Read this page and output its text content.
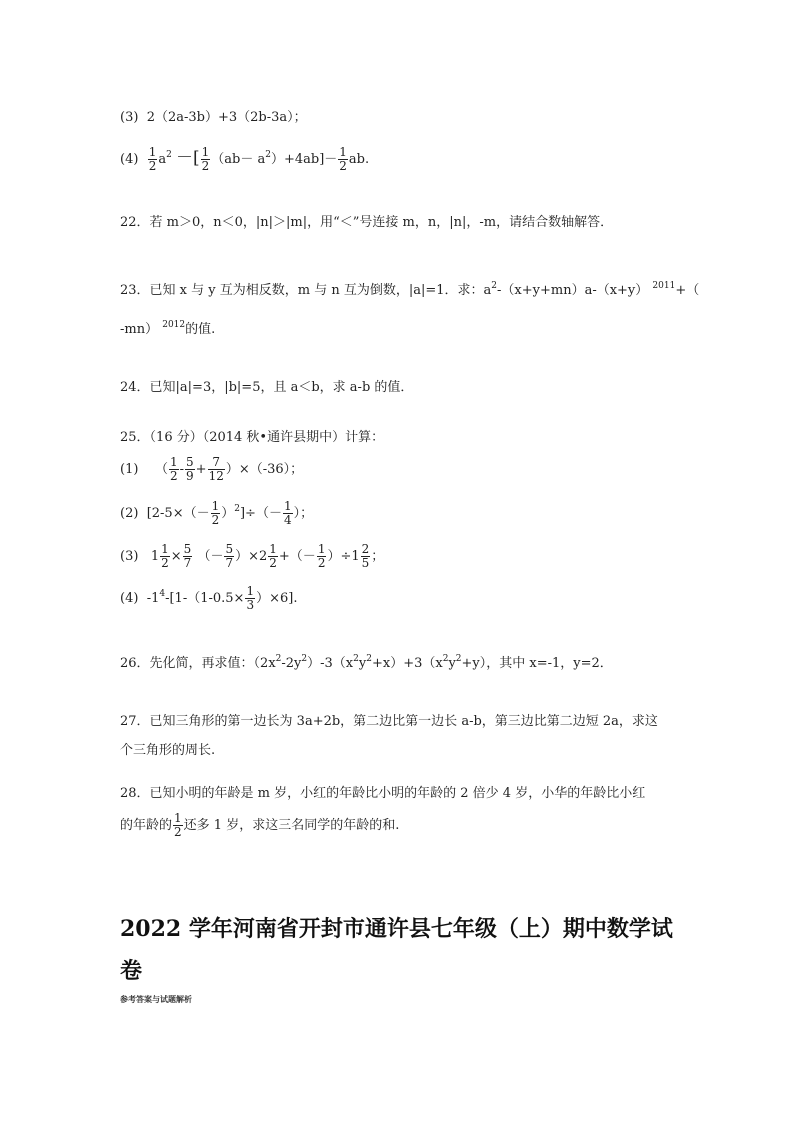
(3) 2（2a-3b）+3（2b-3a）；
$(4) \frac{1}{2} a^2$ －[ $\frac{1}{2} (ab- a^2)+4ab]- \frac{1}{2}$ ab.
22．若 m＞0，n＜0，|n|＞|m|，用“＜”号连接 m，n，|n|，-m，请结合数轴解答．
23．已知 x 与 y 互为相反数，m 与 n 互为倒数，|a|=1．求：$a^2-(x+y+mn)a-(x+y)$ $^{2011}$+（
-mn） $^{2012}$的值.
24．已知|a|=3，|b|=5，且 a＜b，求 a-b 的值．
25．（16 分）（2014 秋•通许县期中）计算：
(1) （ $\frac{1}{2} - \frac{5}{9} + \frac{7}{12} )\times(-36)$；
(2) $[2-5\times(- \frac{1}{2} )^2]\div(- \frac{1}{4}$ ）；
(3) $1 \frac{1}{2} \times \frac{5}{7}$ （－ $\frac{5}{7} )\times 2 \frac{1}{2}$ +（－ $\frac{1}{2} )\div 1 \frac{2}{5}$ ；
(4) $-1^4-[1-(1-0.5\times \frac{1}{3} )\times 6]$.
26．先化简，再求值：$(2x^2-2y^2)-3(x^2y^2+x)+3(x^2y^2+y)$，其中 x=-1，y=2．
27．已知三角形的第一边长为 3a+2b，第二边比第一边长 a-b，第三边比第二边短 2a，求这
个三角形的周长.
28．已知小明的年龄是 m 岁，小红的年龄比小明的年龄的 2 倍少 4 岁，小华的年龄比小红
的年龄的 $\frac{1}{2}$ 还多 1 岁，求这三名同学的年龄的和.
2022 学年河南省开封市通许县七年级（上）期中数学试
卷
参考答案与试题解析
